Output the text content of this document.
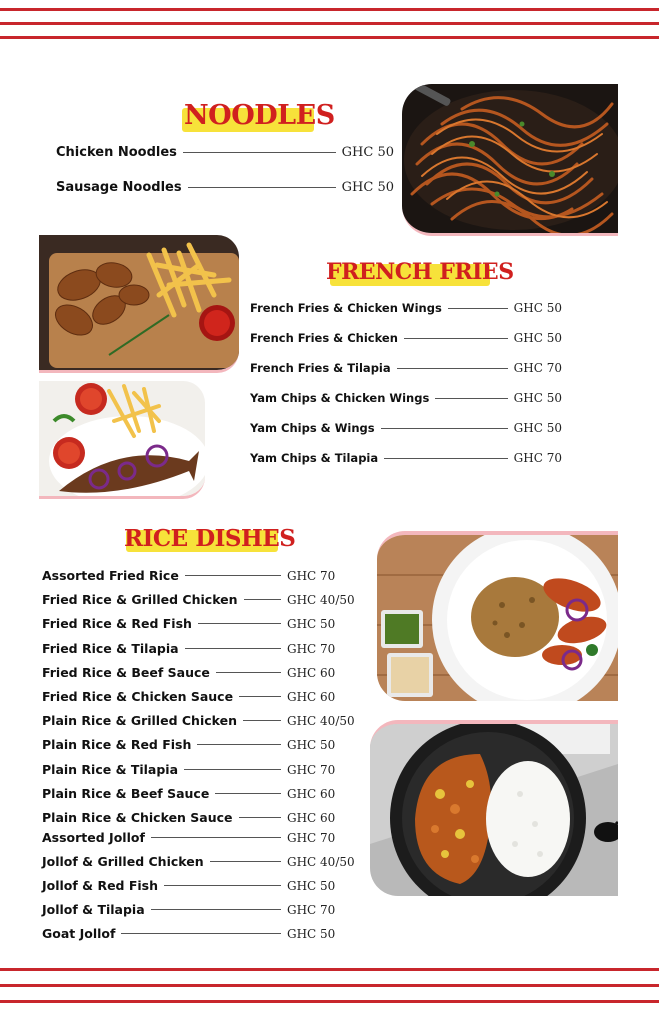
NOODLES
Chicken Noodles	GHC 50
Sausage Noodles	GHC 50
FRENCH FRIES
French Fries & Chicken Wings	GHC 50
French Fries & Chicken	GHC 50
French Fries & Tilapia	GHC 70
Yam Chips & Chicken Wings	GHC 50
Yam Chips & Wings	GHC 50
Yam Chips & Tilapia	GHC 70
RICE DISHES
Assorted Fried Rice	GHC 70
Fried Rice & Grilled Chicken	GHC 40/50
Fried Rice & Red Fish	GHC 50
Fried Rice & Tilapia	GHC 70
Fried Rice & Beef Sauce	GHC 60
Fried Rice & Chicken Sauce	GHC 60
Plain Rice & Grilled Chicken	GHC 40/50
Plain Rice & Red Fish	GHC 50
Plain Rice & Tilapia	GHC 70
Plain Rice & Beef Sauce	GHC 60
Plain Rice & Chicken Sauce	GHC 60
Assorted Jollof	GHC 70
Jollof & Grilled Chicken	GHC 40/50
Jollof & Red Fish	GHC 50
Jollof & Tilapia	GHC 70
Goat Jollof	GHC 50
